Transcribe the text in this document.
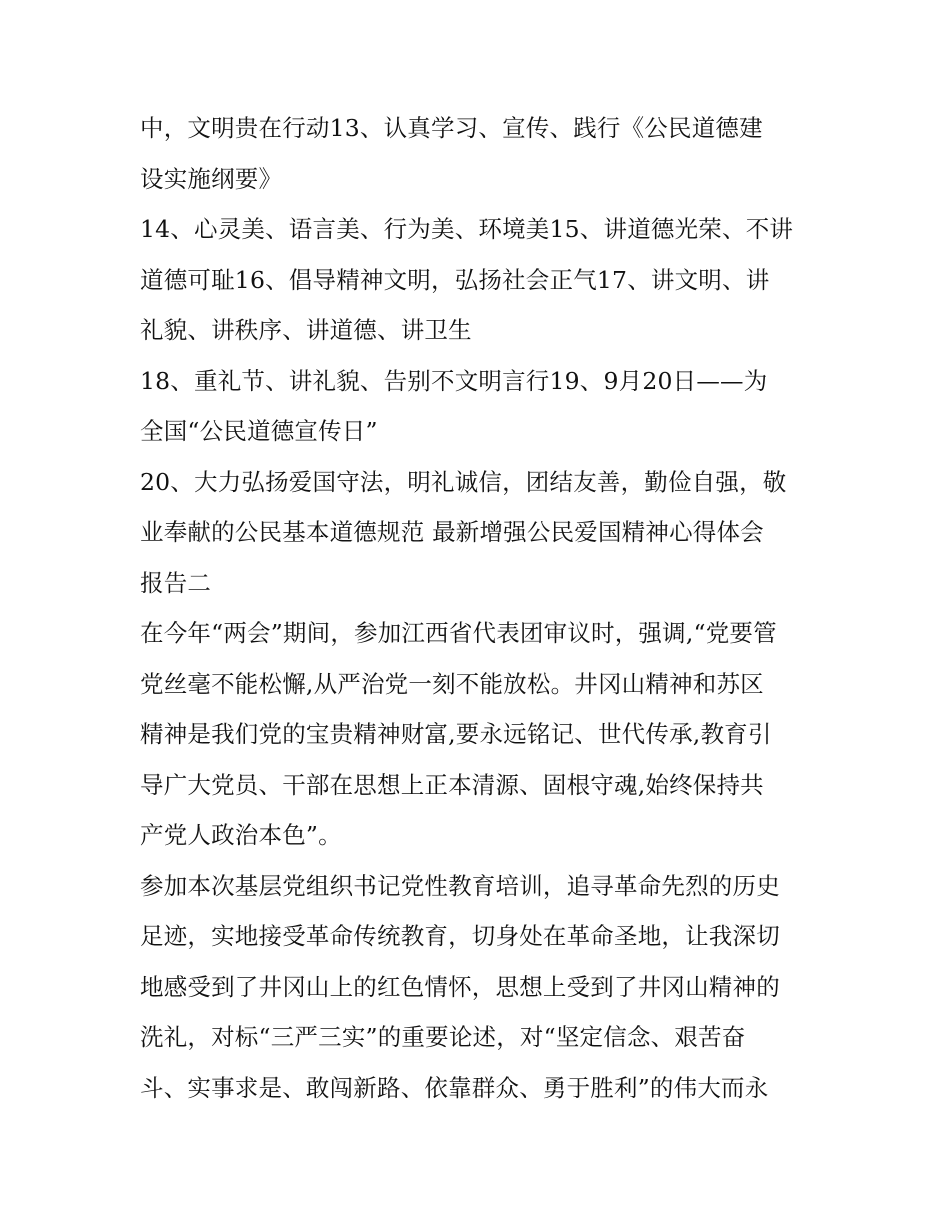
中，文明贵在行动13、认真学习、宣传、践行《公民道德建
设实施纲要》
14、心灵美、语言美、行为美、环境美15、讲道德光荣、不讲
道德可耻16、倡导精神文明，弘扬社会正气17、讲文明、讲
礼貌、讲秩序、讲道德、讲卫生
18、重礼节、讲礼貌、告别不文明言行19、9月20日——为
全国“公民道德宣传日”
20、大力弘扬爱国守法，明礼诚信，团结友善，勤俭自强，敬
业奉献的公民基本道德规范 最新增强公民爱国精神心得体会
报告二
在今年“两会”期间，参加江西省代表团审议时，强调,“党要管
党丝毫不能松懈,从严治党一刻不能放松。井冈山精神和苏区
精神是我们党的宝贵精神财富,要永远铭记、世代传承,教育引
导广大党员、干部在思想上正本清源、固根守魂,始终保持共
产党人政治本色”。
参加本次基层党组织书记党性教育培训，追寻革命先烈的历史
足迹，实地接受革命传统教育，切身处在革命圣地，让我深切
地感受到了井冈山上的红色情怀，思想上受到了井冈山精神的
洗礼，对标“三严三实”的重要论述，对“坚定信念、艰苦奋
斗、实事求是、敢闯新路、依靠群众、勇于胜利”的伟大而永
